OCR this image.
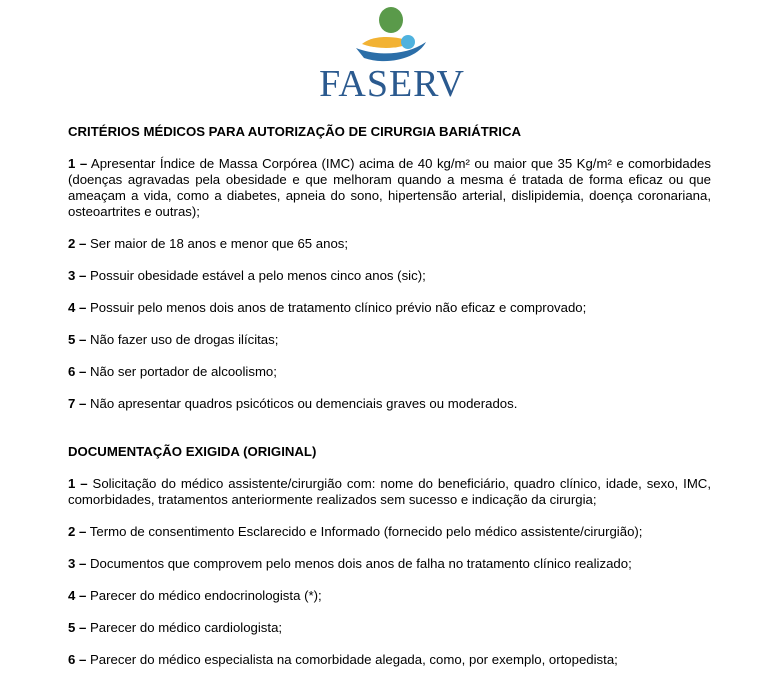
FASERV

CRITÉRIOS MÉDICOS PARA AUTORIZAÇÃO DE CIRURGIA BARIÁTRICA

1 – Apresentar Índice de Massa Corpórea (IMC) acima de 40 kg/m² ou maior que 35 Kg/m² e comorbidades (doenças agravadas pela obesidade e que melhoram quando a mesma é tratada de forma eficaz ou que ameaçam a vida, como a diabetes, apneia do sono, hipertensão arterial, dislipidemia, doença coronariana, osteoartrites e outras);

2 – Ser maior de 18 anos e menor que 65 anos;

3 – Possuir obesidade estável a pelo menos cinco anos (sic);

4 – Possuir pelo menos dois anos de tratamento clínico prévio não eficaz e comprovado;

5 – Não fazer uso de drogas ilícitas;

6 – Não ser portador de alcoolismo;

7 – Não apresentar quadros psicóticos ou demenciais graves ou moderados.

DOCUMENTAÇÃO EXIGIDA (ORIGINAL)

1 – Solicitação do médico assistente/cirurgião com: nome do beneficiário, quadro clínico, idade, sexo, IMC, comorbidades, tratamentos anteriormente realizados sem sucesso e indicação da cirurgia;

2 – Termo de consentimento Esclarecido e Informado (fornecido pelo médico assistente/cirurgião);

3 – Documentos que comprovem pelo menos dois anos de falha no tratamento clínico realizado;

4 – Parecer do médico endocrinologista (*);

5 – Parecer do médico cardiologista;

6 – Parecer do médico especialista na comorbidade alegada, como, por exemplo, ortopedista;
